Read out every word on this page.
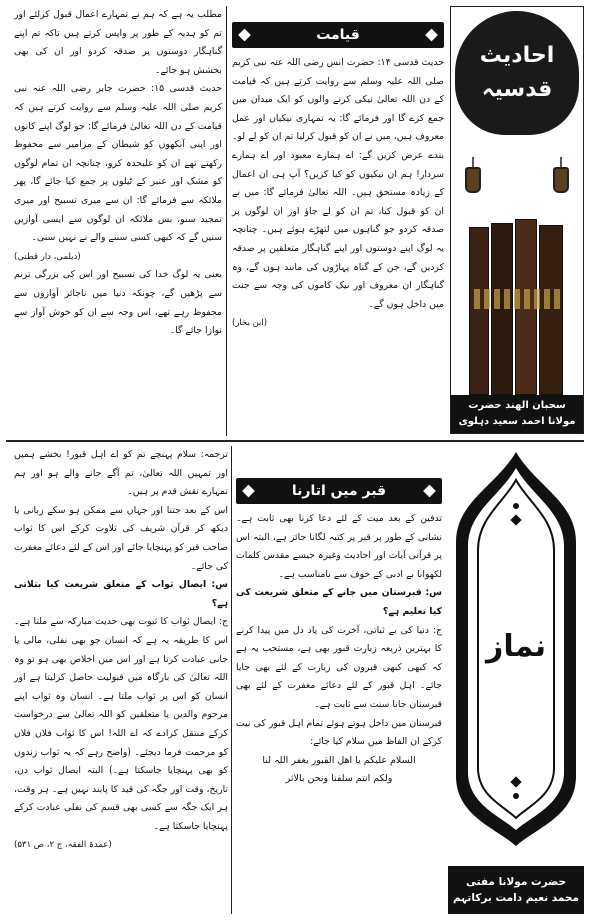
مطلب یہ ہے کہ ہم نے تمہارے اعمال قبول کرلئے اور تم کو ہدیہ کے طور پر واپس کرتے ہیں تاکہ تم اپنے گناہگار دوستوں پر صدقہ کردو اور ان کی بھی بخشش ہو جائے۔

حدیث قدسی ۱۵: حضرت جابر رضی اللہ عنہ نبی کریم صلی اللہ علیہ وسلم سے روایت کرتے ہیں کہ قیامت کے دن اللہ تعالیٰ فرمائے گا: جو لوگ اپنے کانوں اور اپنی آنکھوں کو شیطان کے مزامیر سے محفوظ رکھتے تھے ان کو علیحدہ کرو، چنانچہ ان تمام لوگوں کو مشک اور عنبر کے ٹیلوں پر جمع کیا جائے گا، پھر ملائکہ سے فرمائے گا: ان سے میری تسبیح اور میری تمجید سنو، بس ملائکہ ان لوگوں سے ایسی آوازیں سنیں گے کہ کبھی کسی سننے والے نے نہیں سنی۔

(دیلمی، دار قطنی)

یعنی یہ لوگ خدا کی تسبیح اور اس کی بزرگی ترنم سے پڑھیں گے، چونکہ دنیا میں ناجائز آوازوں سے محفوظ رہے تھے، اس وجہ سے ان کو خوش آواز سے نوازا جائے گا۔

قیامت

حدیث قدسی ۱۴: حضرت انس رضی اللہ عنہ نبی کریم صلی اللہ علیہ وسلم سے روایت کرتے ہیں کہ قیامت کے دن اللہ تعالیٰ نیکی کرنے والوں کو ایک میدان میں جمع کرے گا اور فرمائے گا: یہ تمہاری نیکیاں اور عمل معروف ہیں، میں نے ان کو قبول کرلیا تم ان کو لے لو۔ بندے عرض کریں گے: اے ہمارے معبود اور اے ہمارے سردار! ہم ان نیکیوں کو کیا کریں؟ آپ ہی ان اعمال کے زیادہ مستحق ہیں۔ اللہ تعالیٰ فرمائے گا: میں نے ان کو قبول کیا، تم ان کو لے جاؤ اور ان لوگوں پر صدقہ کردو جو گناہوں میں لتھڑے ہوئے ہیں۔ چنانچہ یہ لوگ اپنے دوستوں اور اپنے گناہگار متعلقین پر صدقہ کردیں گے، جن کے گناہ پہاڑوں کی مانند ہوں گے، وہ گناہگار ان معروف اور نیک کاموں کی وجہ سے جنت میں داخل ہوں گے۔

(ابن بخار)

احادیث
قدسیہ
سحبان الھند حضرت
مولانا احمد سعید دہلوی

ترجمہ: سلام پہنچے تم کو اے اہل قبور! بخشے ہمیں اور تمہیں اللہ تعالیٰ، تم آگے جانے والے ہو اور ہم تمہارے نقش قدم پر ہیں۔

اس کے بعد جتنا اور جہاں سے ممکن ہو سکے زبانی یا دیکھ کر قرآن شریف کی تلاوت کرکے اس کا ثواب صاحب قبر کو پہنچایا جائے اور اس کے لئے دعائے مغفرت کی جائے۔

س: ایصال ثواب کے متعلق شریعت کیا بتلاتی ہے؟

ج: ایصال ثواب کا ثبوت بھی حدیث مبارکہ سے ملتا ہے۔ اس کا طریقہ یہ ہے کہ انسان جو بھی نفلی، مالی یا جانی عبادت کرتا ہے اور اس میں اخلاص بھی ہو تو وہ اللہ تعالیٰ کی بارگاہ میں قبولیت حاصل کرلیتا ہے اور انسان کو اس پر ثواب ملتا ہے۔ انسان وہ ثواب اپنے مرحوم والدین یا متعلقین کو اللہ تعالیٰ سے درخواست کرکے منتقل کرادے کہ اے اللہ! اس کا ثواب فلاں فلاں کو مرحمت فرما دیجئے۔ (واضح رہے کہ یہ ثواب زندوں کو بھی پہنچایا جاسکتا ہے۔) البتہ ایصال ثواب دن، تاریخ، وقت اور جگہ کی قید کا پابند نہیں ہے۔ ہر وقت، ہر ایک جگہ سے کسی بھی قسم کی نفلی عبادت کرکے پہنچایا جاسکتا ہے۔

(عمدۃ الفقہ، ج ۲، ص ۵۳۱)

قبر میں اتارنا

تدفین کے بعد میت کے لئے دعا کرنا بھی ثابت ہے۔ نشانی کے طور پر قبر پر کتبہ لگانا جائز ہے، البتہ اس پر قرآنی آیات اور احادیث وغیرہ جیسے مقدس کلمات لکھوانا بے ادبی کے خوف سے نامناسب ہے۔

س: قبرستان میں جانے کے متعلق شریعت کی کیا تعلیم ہے؟

ج: دنیا کی بے ثباتی، آخرت کی یاد دل میں پیدا کرنے کا بہترین ذریعہ زیارت قبور بھی ہے، مستحب یہ ہے کہ کبھی کبھی قبروں کی زیارت کے لئے بھی جایا جائے۔ اہل قبور کے لئے دعائے مغفرت کے لئے بھی قبرستان جانا سنت سے ثابت ہے۔

قبرستان میں داخل ہوتے ہوئے تمام اہل قبور کی نیت کرکے ان الفاظ میں سلام کیا جائے:

السلام علیکم یا اھل القبور یغفر اللہ لنا

ولکم انتم سلفنا ونحن بالاثر

نماز
حضرت مولانا مفتی
محمد نعیم دامت برکاتہم
